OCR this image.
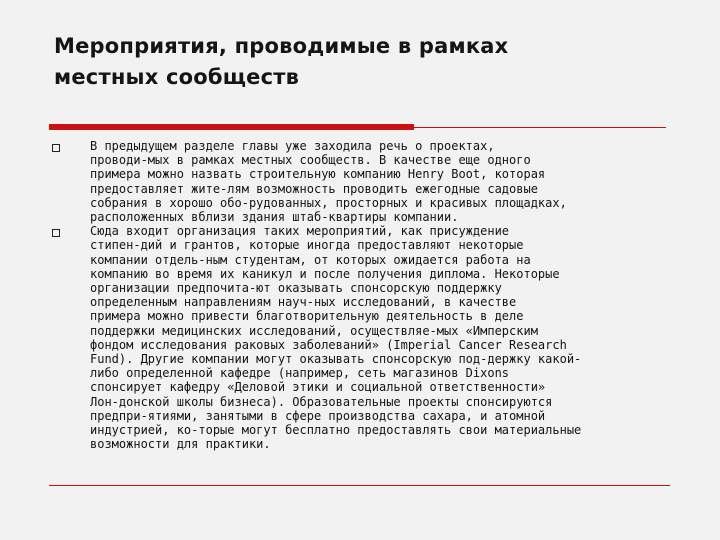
Мероприятия, проводимые в рамках
местных сообществ

В предыдущем разделе главы уже заходила речь о проектах,
проводи-мых в рамках местных сообществ. В качестве еще одного
примера можно назвать строительную компанию Henry Boot, которая
предоставляет жите-лям возможность проводить ежегодные садовые
собрания в хорошо обо-рудованных, просторных и красивых площадках,
расположенных вблизи здания штаб-квартиры компании.

Сюда входит организация таких мероприятий, как присуждение
стипен-дий и грантов, которые иногда предоставляют некоторые
компании отдель-ным студентам, от которых ожидается работа на
компанию во время их каникул и после получения диплома. Некоторые
организации предпочита-ют оказывать спонсорскую поддержку
определенным направлениям науч-ных исследований, в качестве
примера можно привести благотворительную деятельность в деле
поддержки медицинских исследований, осуществляе-мых «Имперским
фондом исследования раковых заболеваний» (Imperial Cancer Research
Fund). Другие компании могут оказывать спонсорскую под-держку какой-
либо определенной кафедре (например, сеть магазинов Dixons
спонсирует кафедру «Деловой этики и социальной ответственности»
Лон-донской школы бизнеса). Образовательные проекты спонсируются
предпри-ятиями, занятыми в сфере производства сахара, и атомной
индустрией, ко-торые могут бесплатно предоставлять свои материальные
возможности для практики.
